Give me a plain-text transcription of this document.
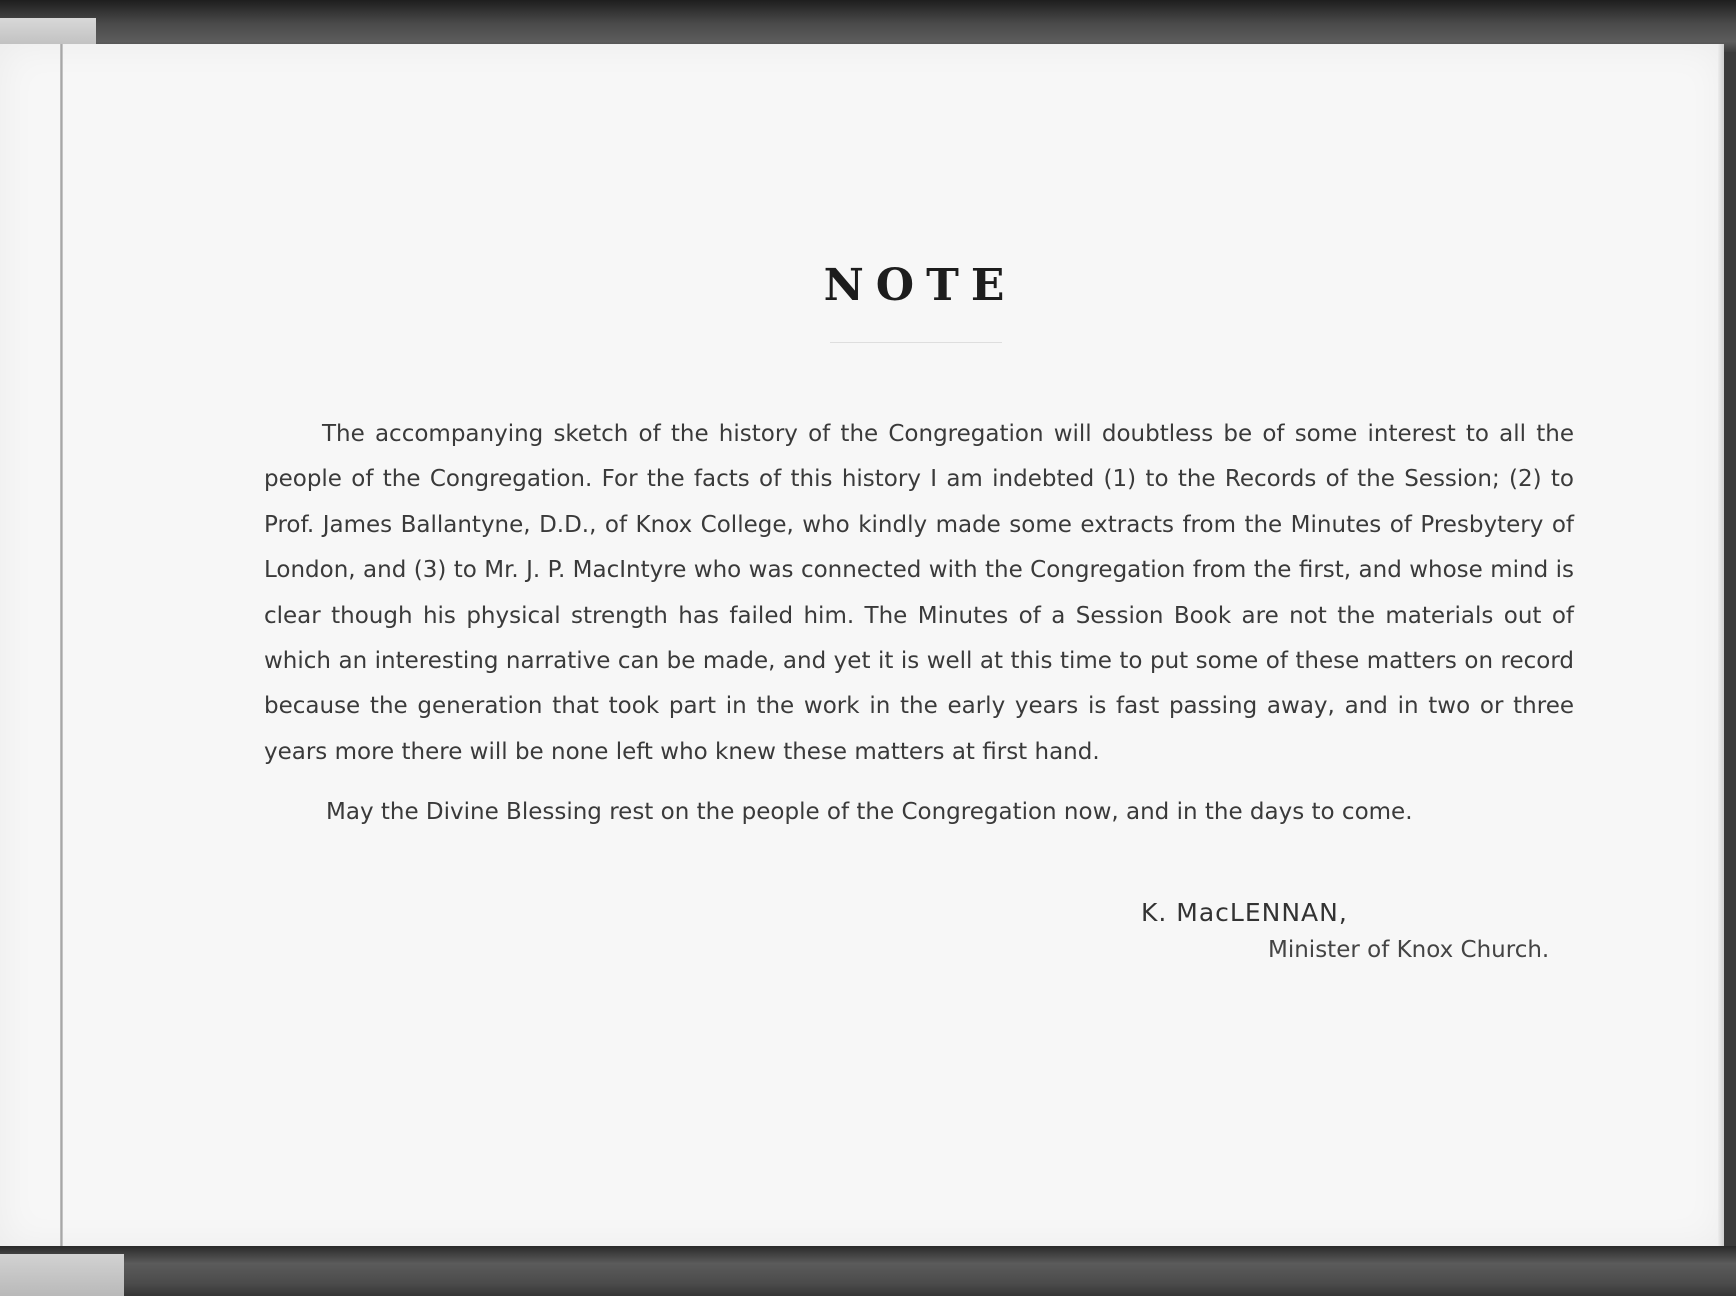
NOTE

The accompanying sketch of the history of the Congregation will doubtless be of some interest to all the people of the Congregation. For the facts of this history I am indebted (1) to the Records of the Session; (2) to Prof. James Ballantyne, D.D., of Knox College, who kindly made some extracts from the Minutes of Presbytery of London, and (3) to Mr. J. P. MacIntyre who was connected with the Congregation from the first, and whose mind is clear though his physical strength has failed him. The Minutes of a Session Book are not the materials out of which an interesting narrative can be made, and yet it is well at this time to put some of these matters on record because the generation that took part in the work in the early years is fast passing away, and in two or three years more there will be none left who knew these matters at first hand.

May the Divine Blessing rest on the people of the Congregation now, and in the days to come.

K. MacLENNAN,
Minister of Knox Church.
